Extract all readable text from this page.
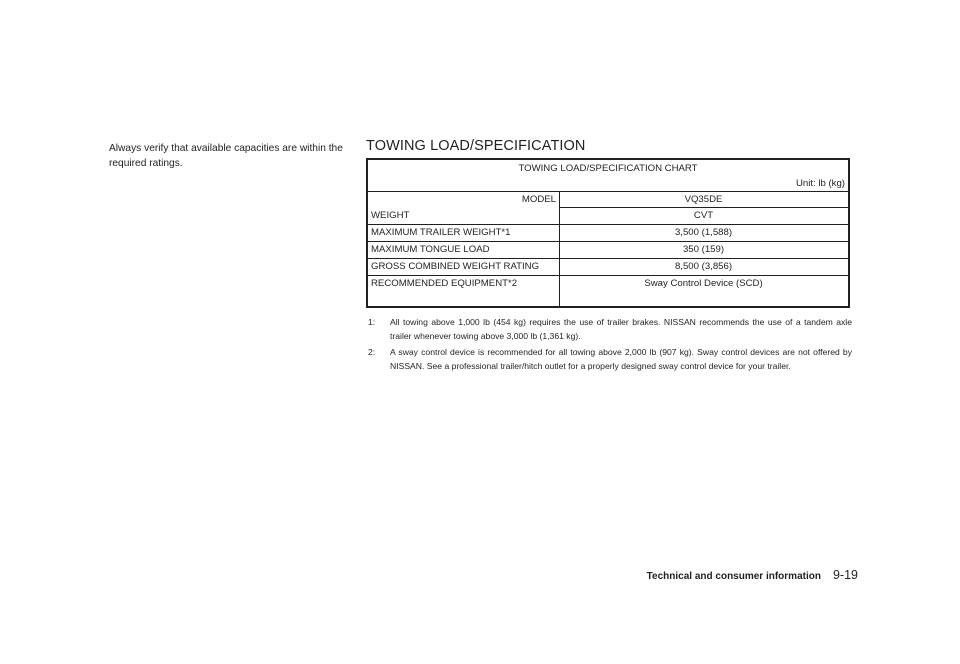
Always verify that available capacities are within the required ratings.
TOWING LOAD/SPECIFICATION
TOWING LOAD/SPECIFICATION CHART
Unit: lb (kg)
MODEL	VQ35DE
WEIGHT	CVT
MAXIMUM TRAILER WEIGHT*1	3,500 (1,588)
MAXIMUM TONGUE LOAD	350 (159)
GROSS COMBINED WEIGHT RATING	8,500 (3,856)
RECOMMENDED EQUIPMENT*2	Sway Control Device (SCD)
1:	All towing above 1,000 lb (454 kg) requires the use of trailer brakes. NISSAN recommends the use of a tandem axle trailer whenever towing above 3,000 lb (1,361 kg).
2:	A sway control device is recommended for all towing above 2,000 lb (907 kg). Sway control devices are not offered by NISSAN. See a professional trailer/hitch outlet for a properly designed sway control device for your trailer.
Technical and consumer information 9-19
